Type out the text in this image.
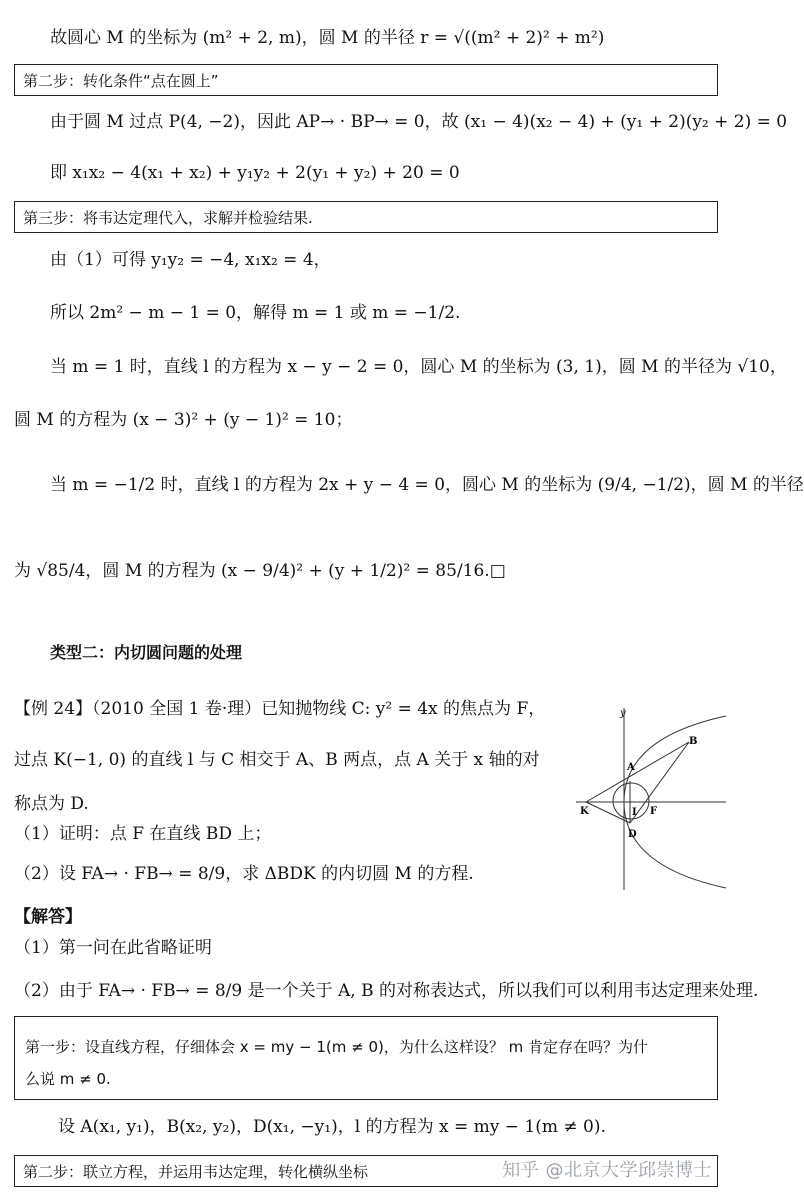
故圆心 M 的坐标为 (m² + 2, m)，圆 M 的半径 r = √((m² + 2)² + m²)
第二步：转化条件“点在圆上”
由于圆 M 过点 P(4, −2)，因此 AP→ · BP→ = 0，故 (x₁ − 4)(x₂ − 4) + (y₁ + 2)(y₂ + 2) = 0
即 x₁x₂ − 4(x₁ + x₂) + y₁y₂ + 2(y₁ + y₂) + 20 = 0
第三步：将韦达定理代入，求解并检验结果.
由（1）可得 y₁y₂ = −4, x₁x₂ = 4，
所以 2m² − m − 1 = 0，解得 m = 1 或 m = −1/2.
当 m = 1 时，直线 l 的方程为 x − y − 2 = 0，圆心 M 的坐标为 (3, 1)，圆 M 的半径为 √10，
圆 M 的方程为 (x − 3)² + (y − 1)² = 10；
当 m = −1/2 时，直线 l 的方程为 2x + y − 4 = 0，圆心 M 的坐标为 (9/4, −1/2)，圆 M 的半径
为 √85/4，圆 M 的方程为 (x − 9/4)² + (y + 1/2)² = 85/16.□
类型二：内切圆问题的处理
【例 24】（2010 全国 1 卷·理）已知抛物线 C: y² = 4x 的焦点为 F，
过点 K(−1, 0) 的直线 l 与 C 相交于 A、B 两点，点 A 关于 x 轴的对
称点为 D.
（1）证明：点 F 在直线 BD 上；
（2）设 FA→ · FB→ = 8/9，求 ΔBDK 的内切圆 M 的方程.
【解答】
（1）第一问在此省略证明
（2）由于 FA→ · FB→ = 8/9 是一个关于 A, B 的对称表达式，所以我们可以利用韦达定理来处理.
第一步：设直线方程，仔细体会 x = my − 1(m ≠ 0)，为什么这样设？ m 肯定存在吗？为什
么说 m ≠ 0.
设 A(x₁, y₁)，B(x₂, y₂)，D(x₁, −y₁)，l 的方程为 x = my − 1(m ≠ 0).
第二步：联立方程，并运用韦达定理，转化横纵坐标	知乎 @北京大学邱崇博士
y
B
A
K	I F
D
